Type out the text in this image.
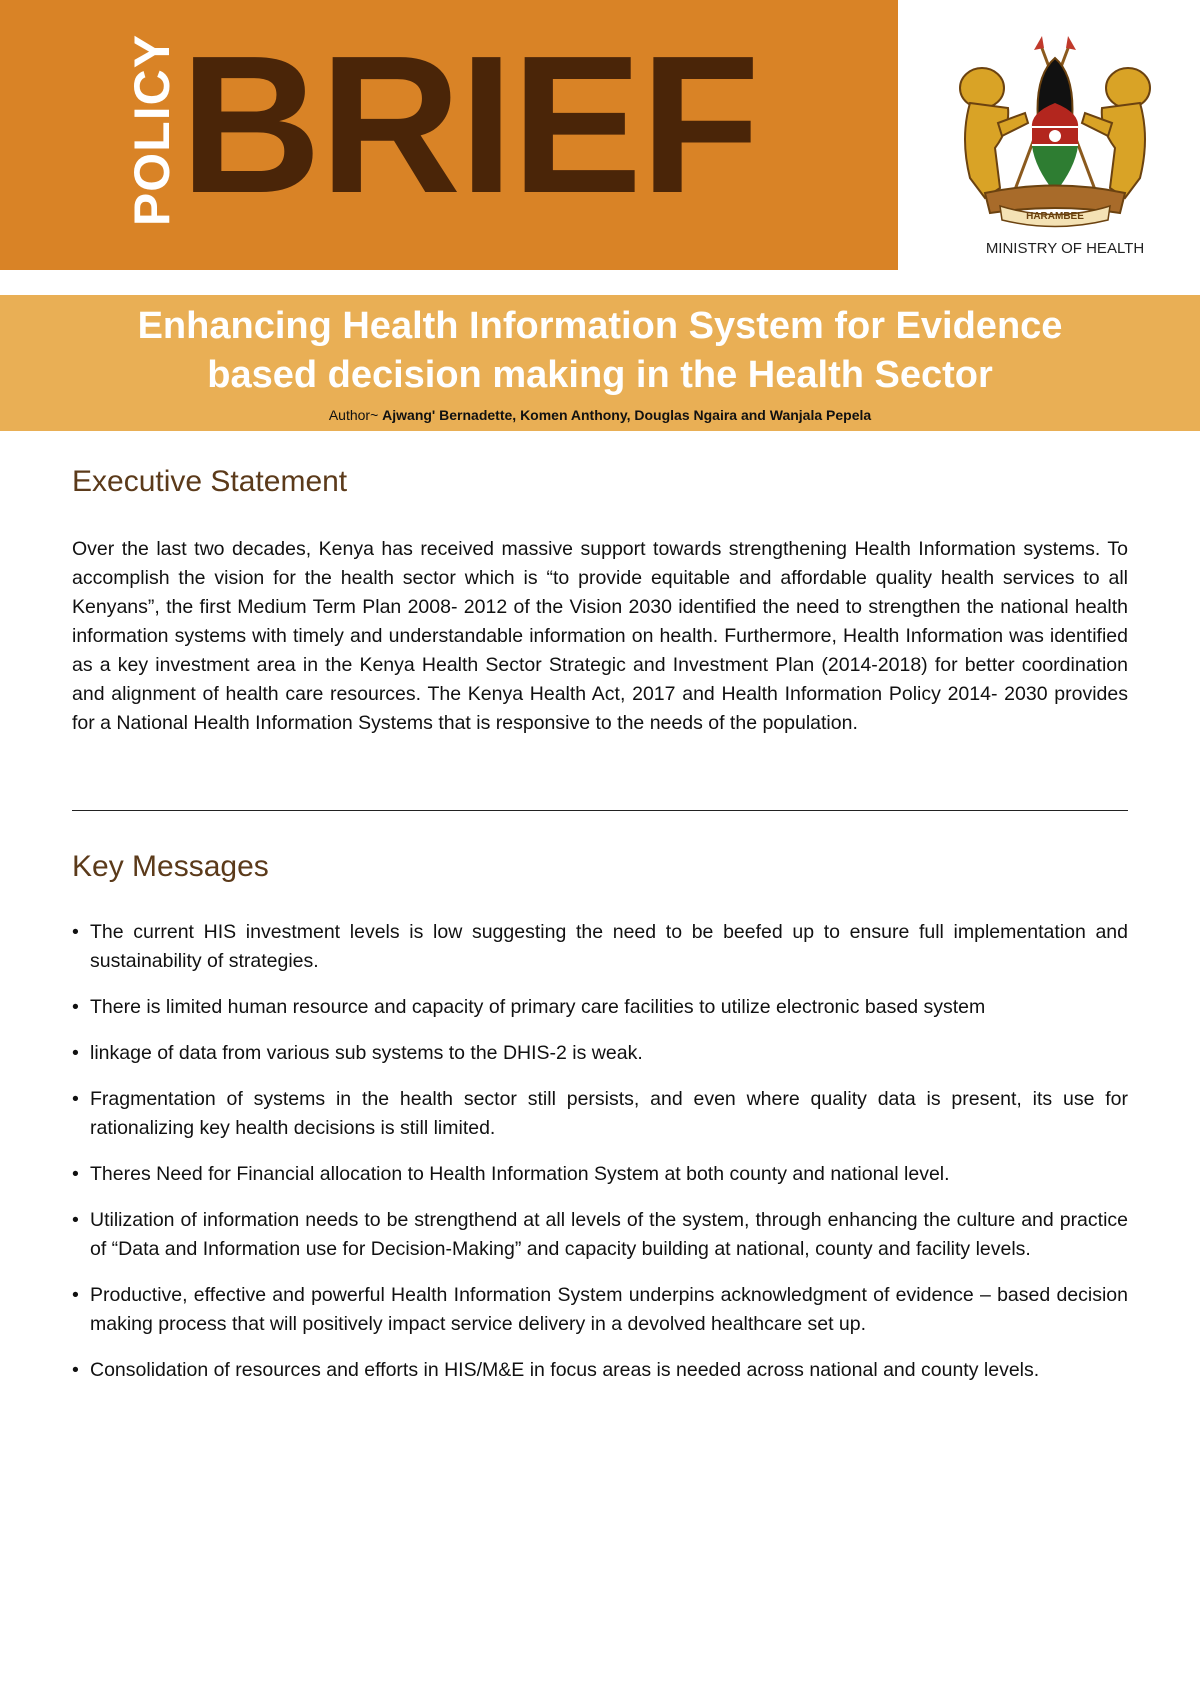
POLICY BRIEF	HARAMBEE
MINISTRY OF HEALTH
Enhancing Health Information System for Evidence
based decision making in the Health Sector
Author~ Ajwang' Bernadette, Komen Anthony, Douglas Ngaira and Wanjala Pepela
Executive Statement
Over the last two decades, Kenya has received massive support towards strengthening Health Information systems. To accomplish the vision for the health sector which is “to provide equitable and affordable quality health services to all Kenyans”, the first Medium Term Plan 2008- 2012 of the Vision 2030 identified the need to strengthen the national health information systems with timely and understandable information on health. Furthermore, Health Information was identified as a key investment area in the Kenya Health Sector Strategic and Investment Plan (2014-2018) for better coordination and alignment of health care resources. The Kenya Health Act, 2017 and Health Information Policy 2014- 2030 provides for a National Health Information Systems that is responsive to the needs of the population.
Key Messages
• The current HIS investment levels is low suggesting the need to be beefed up to ensure full implementation and sustainability of strategies.
• There is limited human resource and capacity of primary care facilities to utilize electronic based system
• linkage of data from various sub systems to the DHIS-2 is weak.
• Fragmentation of systems in the health sector still persists, and even where quality data is present, its use for rationalizing key health decisions is still limited.
• Theres Need for Financial allocation to Health Information System at both county and national level.
• Utilization of information needs to be strengthend at all levels of the system, through enhancing the culture and practice of “Data and Information use for Decision-Making” and capacity building at national, county and facility levels.
• Productive, effective and powerful Health Information System underpins acknowledgment of evidence – based decision making process that will positively impact service delivery in a devolved healthcare set up.
• Consolidation of resources and efforts in HIS/M&E in focus areas is needed across national and county levels.
